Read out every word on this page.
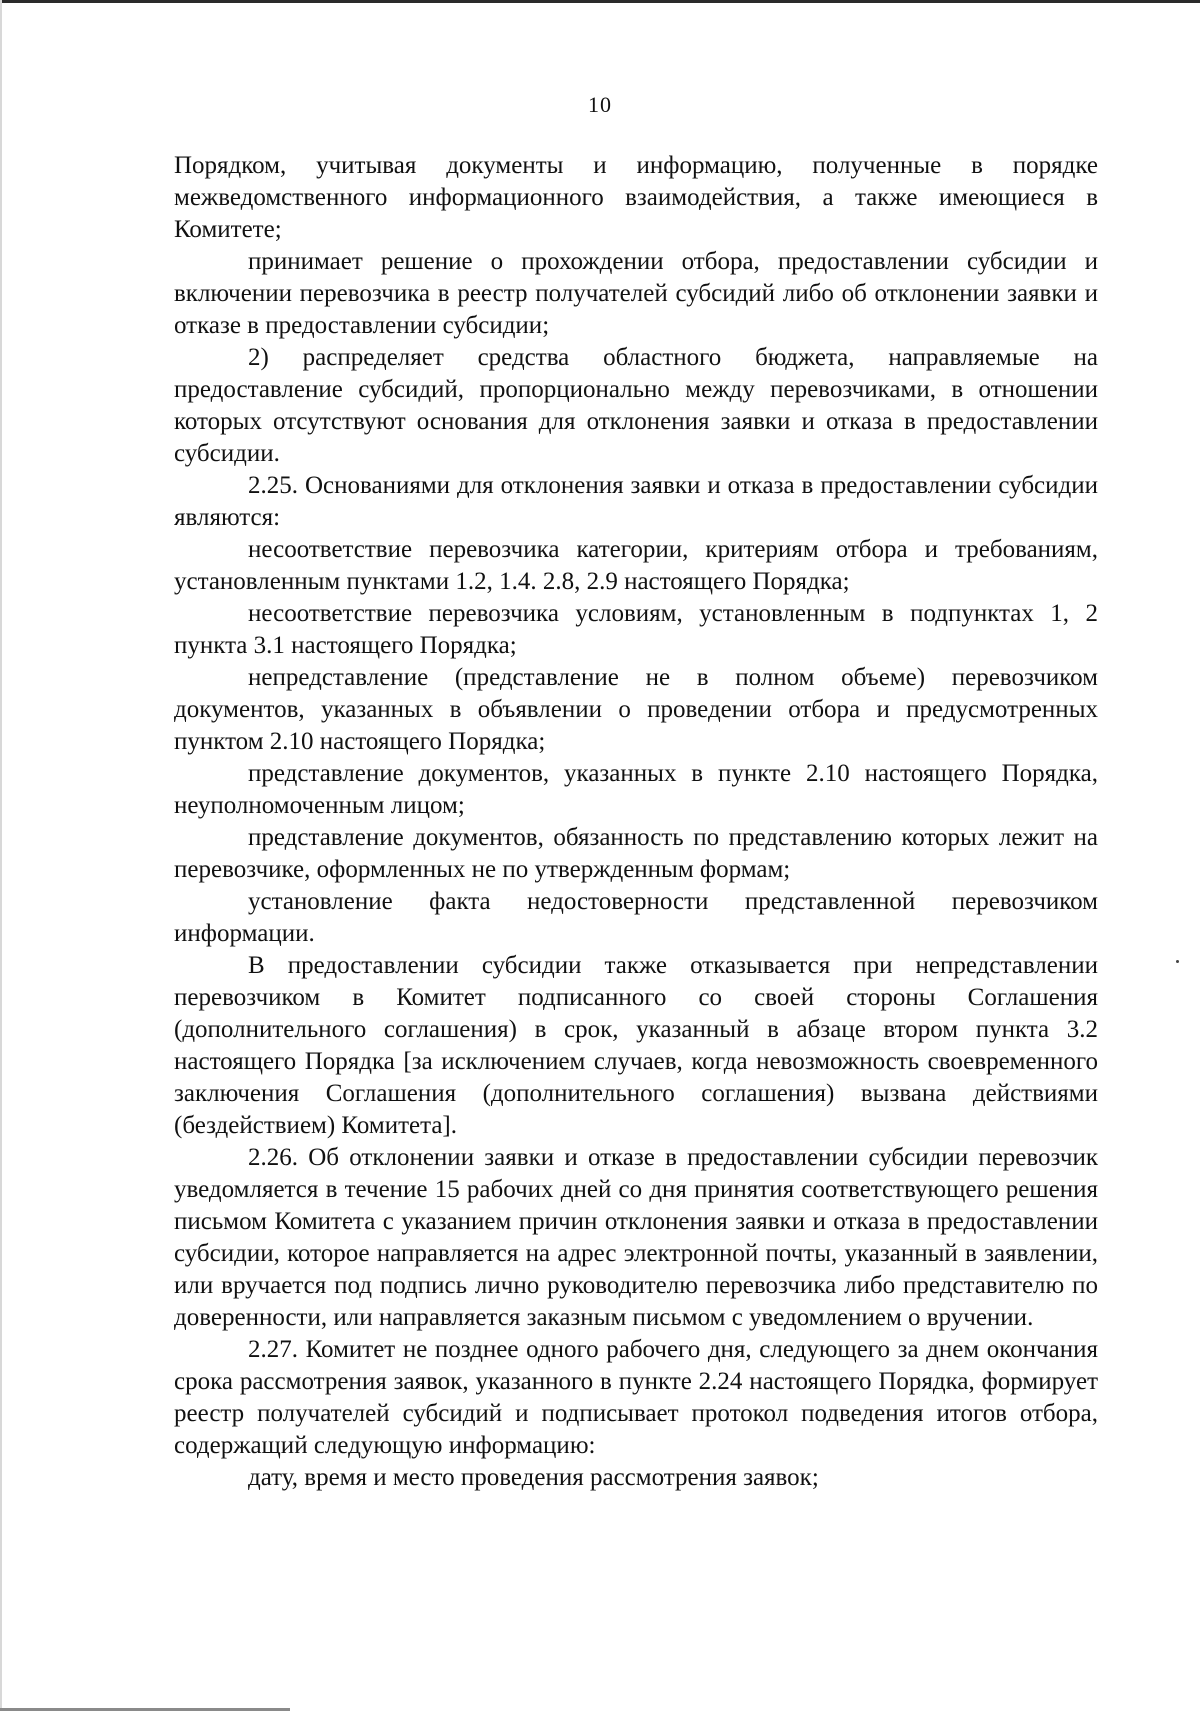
10

Порядком, учитывая документы и информацию, полученные в порядке межведомственного информационного взаимодействия, а также имеющиеся в Комитете;

принимает решение о прохождении отбора, предоставлении субсидии и включении перевозчика в реестр получателей субсидий либо об отклонении заявки и отказе в предоставлении субсидии;

2) распределяет средства областного бюджета, направляемые на предоставление субсидий, пропорционально между перевозчиками, в отношении которых отсутствуют основания для отклонения заявки и отказа в предоставлении субсидии.

2.25. Основаниями для отклонения заявки и отказа в предоставлении субсидии являются:

несоответствие перевозчика категории, критериям отбора и требованиям, установленным пунктами 1.2, 1.4. 2.8, 2.9 настоящего Порядка;

несоответствие перевозчика условиям, установленным в подпунктах 1, 2 пункта 3.1 настоящего Порядка;

непредставление (представление не в полном объеме) перевозчиком документов, указанных в объявлении о проведении отбора и предусмотренных пунктом 2.10 настоящего Порядка;

представление документов, указанных в пункте 2.10 настоящего Порядка, неуполномоченным лицом;

представление документов, обязанность по представлению которых лежит на перевозчике, оформленных не по утвержденным формам;

установление факта недостоверности представленной перевозчиком информации.

В предоставлении субсидии также отказывается при непредставлении перевозчиком в Комитет подписанного со своей стороны Соглашения (дополнительного соглашения) в срок, указанный в абзаце втором пункта 3.2 настоящего Порядка [за исключением случаев, когда невозможность своевременного заключения Соглашения (дополнительного соглашения) вызвана действиями (бездействием) Комитета].

2.26. Об отклонении заявки и отказе в предоставлении субсидии перевозчик уведомляется в течение 15 рабочих дней со дня принятия соответствующего решения письмом Комитета с указанием причин отклонения заявки и отказа в предоставлении субсидии, которое направляется на адрес электронной почты, указанный в заявлении, или вручается под подпись лично руководителю перевозчика либо представителю по доверенности, или направляется заказным письмом с уведомлением о вручении.

2.27. Комитет не позднее одного рабочего дня, следующего за днем окончания срока рассмотрения заявок, указанного в пункте 2.24 настоящего Порядка, формирует реестр получателей субсидий и подписывает протокол подведения итогов отбора, содержащий следующую информацию:

дату, время и место проведения рассмотрения заявок;
